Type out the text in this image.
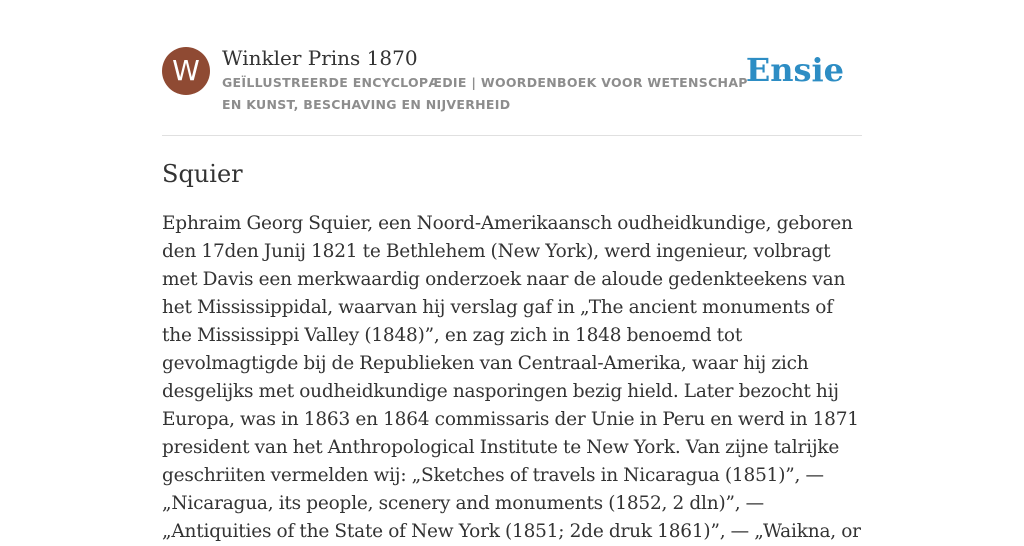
W	Winkler Prins 1870
GEÏLLUSTREERDE ENCYCLOPÆDIE | WOORDENBOEK VOOR WETENSCHAP EN KUNST, BESCHAVING EN NIJVERHEID
Ensie
Squier

Ephraim Georg Squier, een Noord-Amerikaansch oudheidkundige, geboren den 17den Junij 1821 te Bethlehem (New York), werd ingenieur, volbragt met Davis een merkwaardig onderzoek naar de aloude gedenkteekens van het Mississippidal, waarvan hij verslag gaf in „The ancient monuments of the Mississippi Valley (1848)”, en zag zich in 1848 benoemd tot gevolmagtigde bij de Republieken van Centraal-Amerika, waar hij zich desgelijks met oudheidkundige nasporingen bezig hield. Later bezocht hij Europa, was in 1863 en 1864 commissaris der Unie in Peru en werd in 1871 president van het Anthropological Institute te New York. Van zijne talrijke geschriiten vermelden wij: „Sketches of travels in Nicaragua (1851)”, — „Nicaragua, its people, scenery and monuments (1852, 2 dln)”, — „Antiquities of the State of New York (1851; 2de druk 1861)”, — „Waikna, or
